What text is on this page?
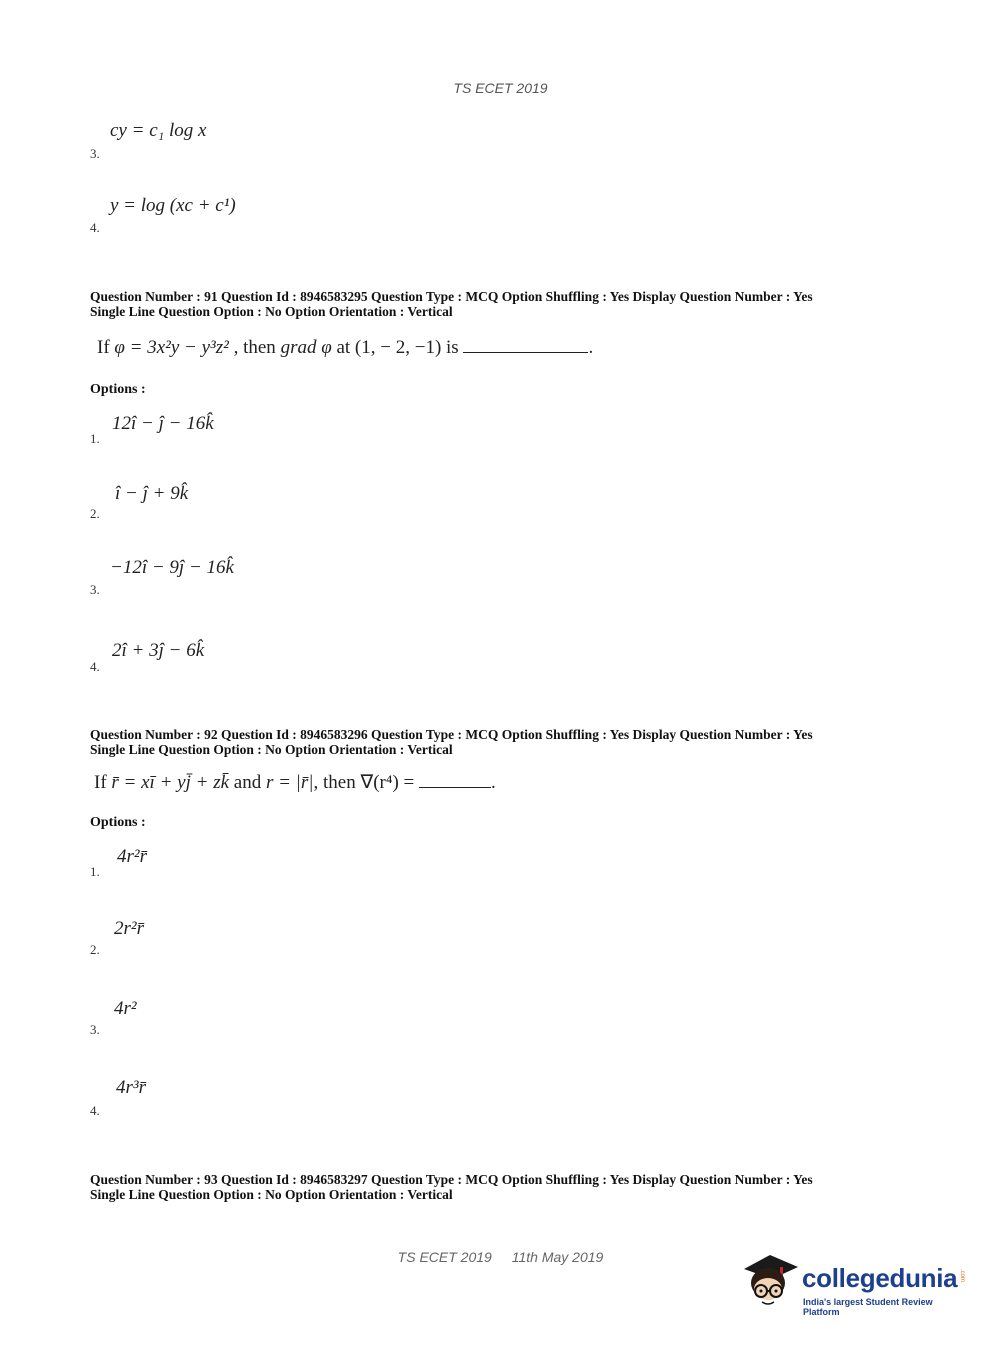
TS ECET 2019
cy = c₁ log x
3.
y = log (xc + c¹)
4.
Question Number : 91 Question Id : 8946583295 Question Type : MCQ Option Shuffling : Yes Display Question Number : Yes
Single Line Question Option : No Option Orientation : Vertical
If φ = 3x²y − y³z² , then grad φ at (1, − 2, −1) is	.
Options :
12î − ĵ − 16k̂
1.
î − ĵ + 9k̂
2.
−12î − 9ĵ − 16k̂
3.
2î + 3ĵ − 6k̂
4.
Question Number : 92 Question Id : 8946583296 Question Type : MCQ Option Shuffling : Yes Display Question Number : Yes
Single Line Question Option : No Option Orientation : Vertical
If r̄ = xī + yj̄ + zk̄ and r = |r̄|, then ∇(r⁴) =	.
Options :
4r²r̄
1.
2r²r̄
2.
4r²
3.
4r³r̄
4.
Question Number : 93 Question Id : 8946583297 Question Type : MCQ Option Shuffling : Yes Display Question Number : Yes
Single Line Question Option : No Option Orientation : Vertical
TS ECET 2019 11th May 2019
collegedunia .com
India's largest Student Review Platform
